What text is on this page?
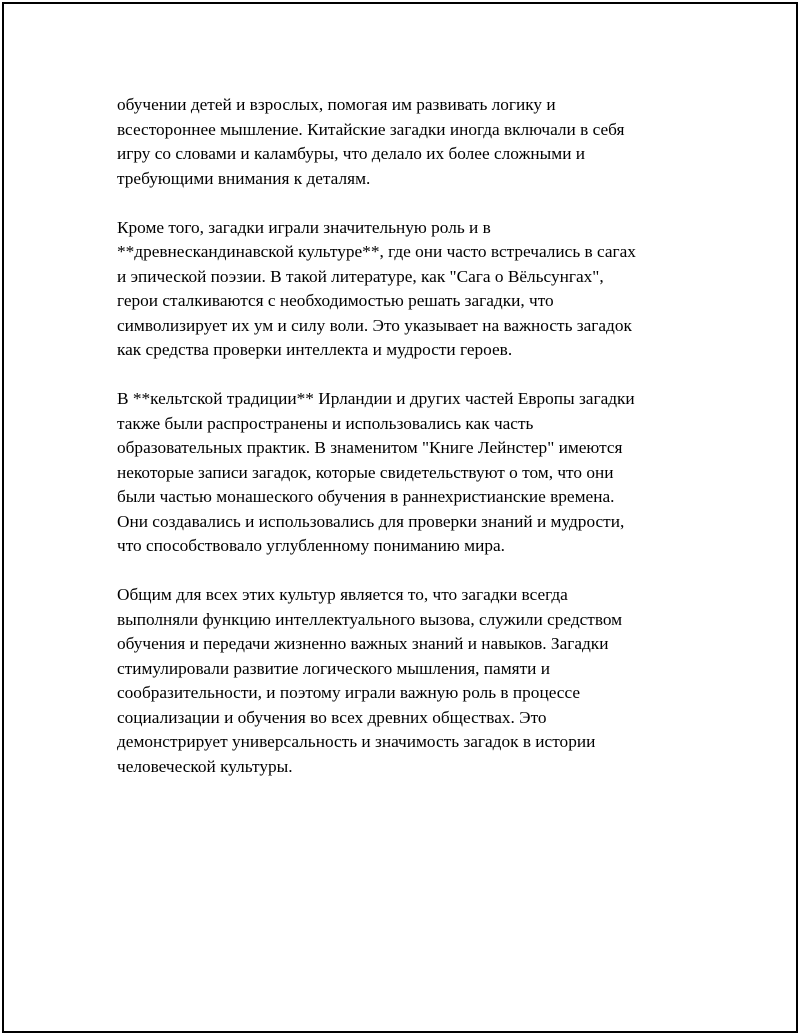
обучении детей и взрослых, помогая им развивать логику и
всестороннее мышление. Китайские загадки иногда включали в себя
игру со словами и каламбуры, что делало их более сложными и
требующими внимания к деталям.

Кроме того, загадки играли значительную роль и в
**древнескандинавской культуре**, где они часто встречались в сагах
и эпической поэзии. В такой литературе, как "Сага о Вёльсунгах",
герои сталкиваются с необходимостью решать загадки, что
символизирует их ум и силу воли. Это указывает на важность загадок
как средства проверки интеллекта и мудрости героев.

В **кельтской традиции** Ирландии и других частей Европы загадки
также были распространены и использовались как часть
образовательных практик. В знаменитом "Книге Лейнстер" имеются
некоторые записи загадок, которые свидетельствуют о том, что они
были частью монашеского обучения в раннехристианские времена.
Они создавались и использовались для проверки знаний и мудрости,
что способствовало углубленному пониманию мира.

Общим для всех этих культур является то, что загадки всегда
выполняли функцию интеллектуального вызова, служили средством
обучения и передачи жизненно важных знаний и навыков. Загадки
стимулировали развитие логического мышления, памяти и
сообразительности, и поэтому играли важную роль в процессе
социализации и обучения во всех древних обществах. Это
демонстрирует универсальность и значимость загадок в истории
человеческой культуры.
